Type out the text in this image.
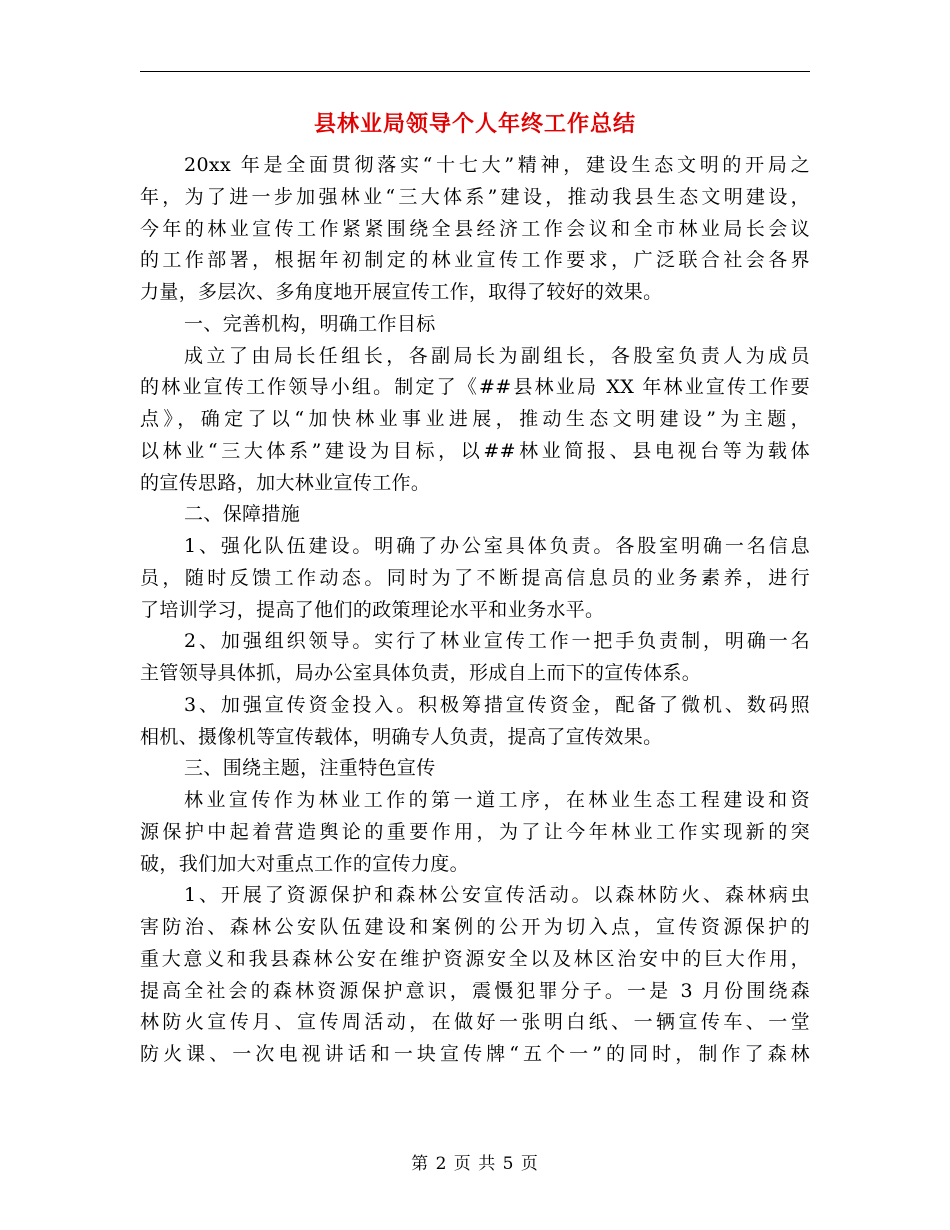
县林业局领导个人年终工作总结
20xx 年是全面贯彻落实“十七大”精神，建设生态文明的开局之
年，为了进一步加强林业“三大体系”建设，推动我县生态文明建设，
今年的林业宣传工作紧紧围绕全县经济工作会议和全市林业局长会议
的工作部署，根据年初制定的林业宣传工作要求，广泛联合社会各界
力量，多层次、多角度地开展宣传工作，取得了较好的效果。
一、完善机构，明确工作目标
成立了由局长任组长，各副局长为副组长，各股室负责人为成员
的林业宣传工作领导小组。制定了《##县林业局 XX 年林业宣传工作要
点》，确定了以“加快林业事业进展，推动生态文明建设”为主题，
以林业“三大体系”建设为目标，以##林业简报、县电视台等为载体
的宣传思路，加大林业宣传工作。
二、保障措施
1、强化队伍建设。明确了办公室具体负责。各股室明确一名信息
员，随时反馈工作动态。同时为了不断提高信息员的业务素养，进行
了培训学习，提高了他们的政策理论水平和业务水平。
2、加强组织领导。实行了林业宣传工作一把手负责制，明确一名
主管领导具体抓，局办公室具体负责，形成自上而下的宣传体系。
3、加强宣传资金投入。积极筹措宣传资金，配备了微机、数码照
相机、摄像机等宣传载体，明确专人负责，提高了宣传效果。
三、围绕主题，注重特色宣传
林业宣传作为林业工作的第一道工序，在林业生态工程建设和资
源保护中起着营造舆论的重要作用，为了让今年林业工作实现新的突
破，我们加大对重点工作的宣传力度。
1、开展了资源保护和森林公安宣传活动。以森林防火、森林病虫
害防治、森林公安队伍建设和案例的公开为切入点，宣传资源保护的
重大意义和我县森林公安在维护资源安全以及林区治安中的巨大作用，
提高全社会的森林资源保护意识，震慑犯罪分子。一是 3 月份围绕森
林防火宣传月、宣传周活动，在做好一张明白纸、一辆宣传车、一堂
防火课、一次电视讲话和一块宣传牌“五个一”的同时，制作了森林
第 2 页 共 5 页
